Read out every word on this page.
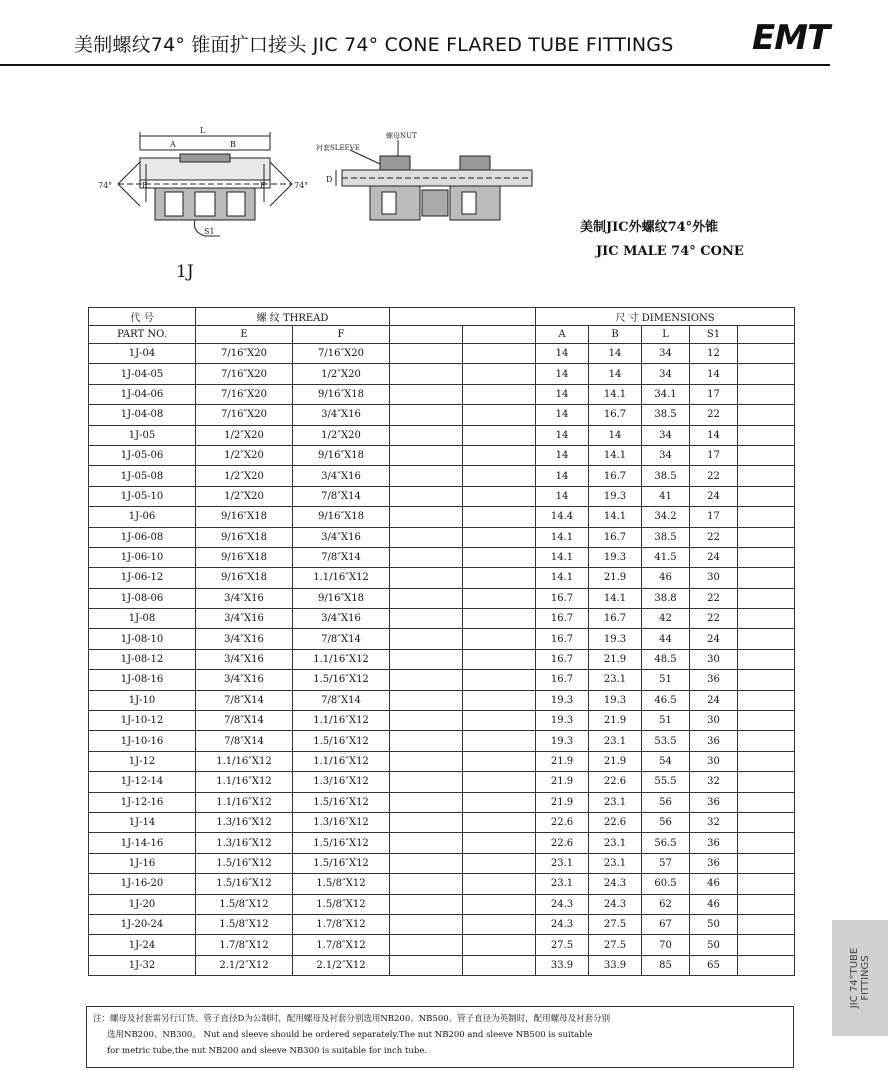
美制螺纹74° 锥面扩口接头 JIC 74° CONE FLARED TUBE FITTINGS EMT
L
A	B
74°	74°
E	F
S1
衬套SLEEVE
螺母NUT
D
1J
美制JIC外螺纹74°外锥
JIC MALE 74° CONE
代 号	螺 纹 THREAD				尺 寸 DIMENSIONS				
PART NO.	E	F			A	B	L	S1	
1J-04	7/16″X20	7/16″X20			14	14	34	12	
1J-04-05	7/16″X20	1/2″X20			14	14	34	14	
1J-04-06	7/16″X20	9/16″X18			14	14.1	34.1	17	
1J-04-08	7/16″X20	3/4″X16			14	16.7	38.5	22	
1J-05	1/2″X20	1/2″X20			14	14	34	14	
1J-05-06	1/2″X20	9/16″X18			14	14.1	34	17	
1J-05-08	1/2″X20	3/4″X16			14	16.7	38.5	22	
1J-05-10	1/2″X20	7/8″X14			14	19.3	41	24	
1J-06	9/16″X18	9/16″X18			14.4	14.1	34.2	17	
1J-06-08	9/16″X18	3/4″X16			14.1	16.7	38.5	22	
1J-06-10	9/16″X18	7/8″X14			14.1	19.3	41.5	24	
1J-06-12	9/16″X18	1.1/16″X12			14.1	21.9	46	30	
1J-08-06	3/4″X16	9/16″X18			16.7	14.1	38.8	22	
1J-08	3/4″X16	3/4″X16			16.7	16.7	42	22	
1J-08-10	3/4″X16	7/8″X14			16.7	19.3	44	24	
1J-08-12	3/4″X16	1.1/16″X12			16.7	21.9	48.5	30	
1J-08-16	3/4″X16	1.5/16″X12			16.7	23.1	51	36	
1J-10	7/8″X14	7/8″X14			19.3	19.3	46.5	24	
1J-10-12	7/8″X14	1.1/16″X12			19.3	21.9	51	30	
1J-10-16	7/8″X14	1.5/16″X12			19.3	23.1	53.5	36	
1J-12	1.1/16″X12	1.1/16″X12			21.9	21.9	54	30	
1J-12-14	1.1/16″X12	1.3/16″X12			21.9	22.6	55.5	32	
1J-12-16	1.1/16″X12	1.5/16″X12			21.9	23.1	56	36	
1J-14	1.3/16″X12	1.3/16″X12			22.6	22.6	56	32	
1J-14-16	1.3/16″X12	1.5/16″X12			22.6	23.1	56.5	36	
1J-16	1.5/16″X12	1.5/16″X12			23.1	23.1	57	36	
1J-16-20	1.5/16″X12	1.5/8″X12			23.1	24.3	60.5	46	
1J-20	1.5/8″X12	1.5/8″X12			24.3	24.3	62	46	
1J-20-24	1.5/8″X12	1.7/8″X12			24.3	27.5	67	50	
1J-24	1.7/8″X12	1.7/8″X12			27.5	27.5	70	50	
1J-32	2.1/2″X12	2.1/2″X12			33.9	33.9	85	65	
注：螺母及衬套需另行订货、管子直径D为公制时，配用螺母及衬套分别选用NB200、NB500。管子直径为英制时，配用螺母及衬套分别
选用NB200、NB300。 Nut and sleeve should be ordered separately.The nut NB200 and sleeve NB500 is suitable
for metric tube,the nut NB200 and sleeve NB300 is suitable for inch tube.
JIC 74°TUBE
FITTINGS
